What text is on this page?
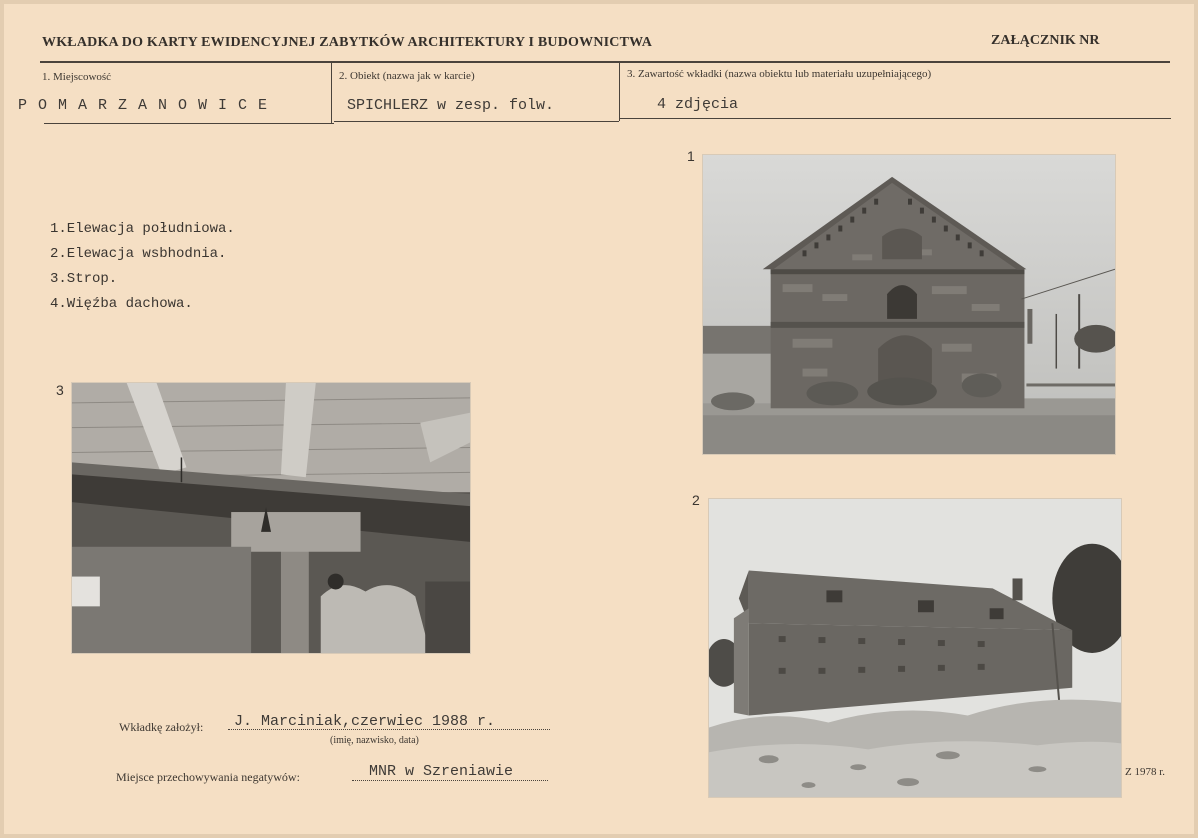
WKŁADKA DO KARTY EWIDENCYJNEJ ZABYTKÓW ARCHITEKTURY I BUDOWNICTWA	ZAŁĄCZNIK NR
1. Miejscowość
P O M A R Z A N O W I C E
2. Obiekt (nazwa jak w karcie)
SPICHLERZ w zesp. folw.
3. Zawartość wkładki (nazwa obiektu lub materiału uzupełniającego)
4 zdjęcia
1.Elewacja południowa.
2.Elewacja wsbhodnia.
3.Strop.
4.Więźba dachowa.
1
2
3
Wkładkę założył: J. Marciniak,czerwiec 1988 r.
(imię, nazwisko, data)
Miejsce przechowywania negatywów:	MNR w Szreniawie	Z 1978 r.
